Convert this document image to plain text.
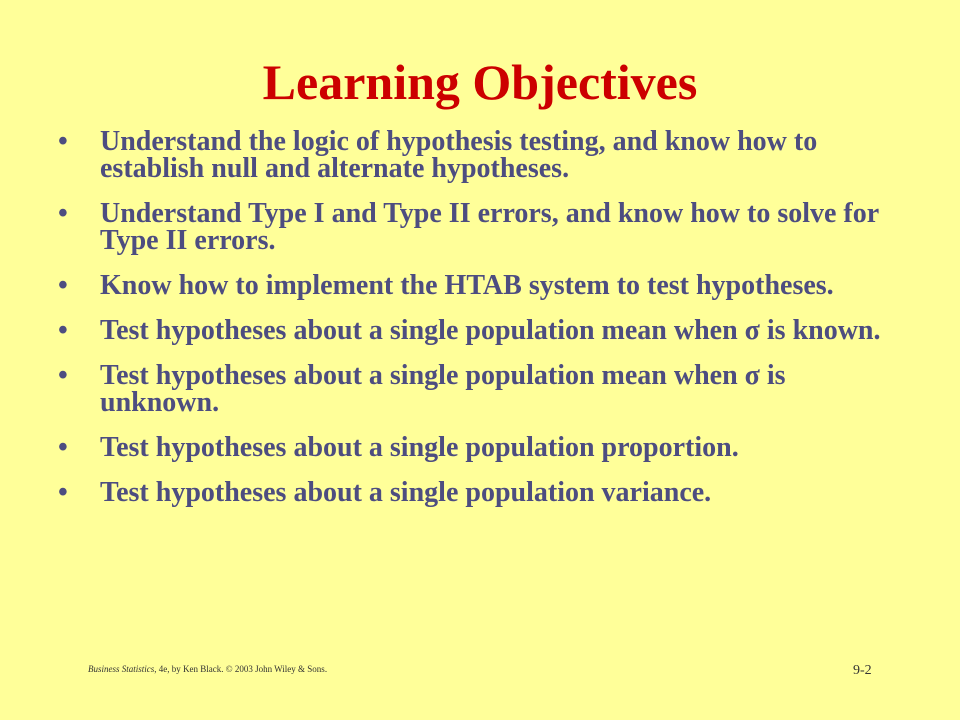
Learning Objectives
• Understand the logic of hypothesis testing, and know how to establish null and alternate hypotheses.
• Understand Type I and Type II errors, and know how to solve for Type II errors.
• Know how to implement the HTAB system to test hypotheses.
• Test hypotheses about a single population mean when σ is known.
• Test hypotheses about a single population mean when σ is unknown.
• Test hypotheses about a single population proportion.
• Test hypotheses about a single population variance.
Business Statistics, 4e, by Ken Black. © 2003 John Wiley & Sons.	9-2
